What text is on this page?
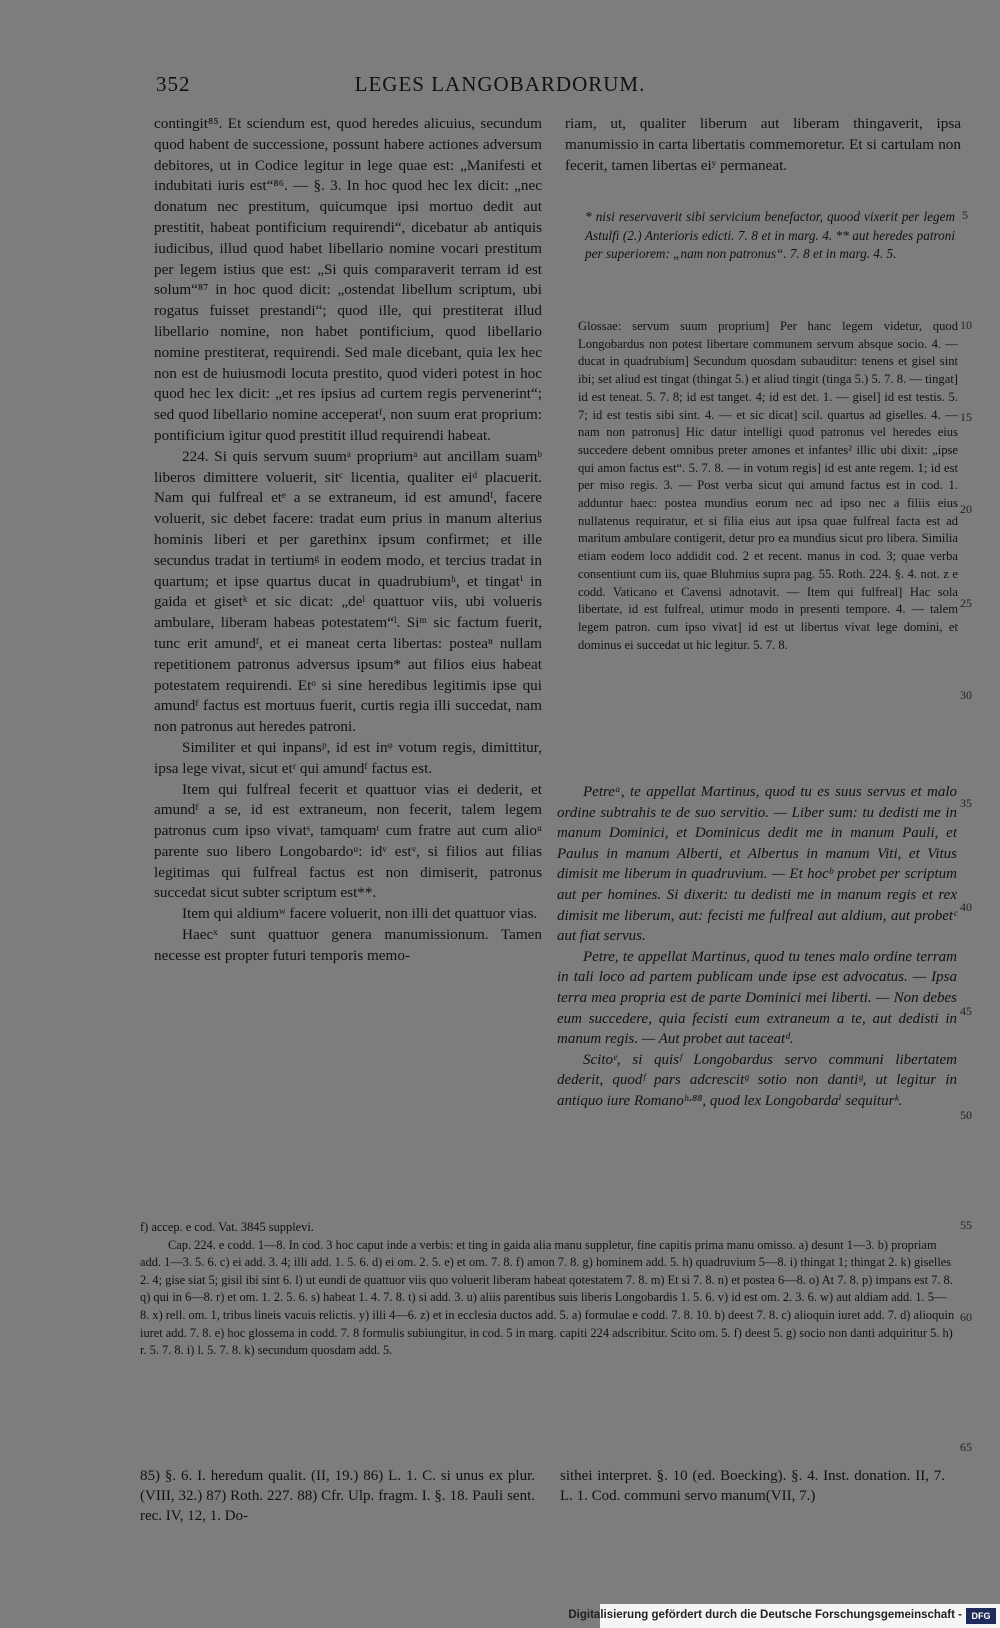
352	LEGES LANGOBARDORUM.

contingit⁸⁵. Et sciendum est, quod heredes alicuius, secundum quod habent de successione, possunt habere actiones adversum debitores, ut in Codice legitur in lege quae est: „Manifesti et indubitati iuris est“⁸⁶. — §. 3. In hoc quod hec lex dicit: „nec donatum nec prestitum, quicumque ipsi mortuo dedit aut prestitit, habeat pontificium requirendi“, dicebatur ab antiquis iudicibus, illud quod habet libellario nomine vocari prestitum per legem istius que est: „Si quis comparaverit terram id est solum“⁸⁷ in hoc quod dicit: „ostendat libellum scriptum, ubi rogatus fuisset prestandi“; quod ille, qui prestiterat illud libellario nomine, non habet pontificium, quod libellario nomine prestiterat, requirendi. Sed male dicebant, quia lex hec non est de huiusmodi locuta prestito, quod videri potest in hoc quod hec lex dicit: „et res ipsius ad curtem regis pervenerint“; sed quod libellario nomine acceperatᶠ, non suum erat proprium: pontificium igitur quod prestitit illud requirendi habeat.

224. Si quis servum suumᵃ propriumᵃ aut ancillam suamᵇ liberos dimittere voluerit, sitᶜ licentia, qualiter eiᵈ placuerit. Nam qui fulfreal etᵉ a se extraneum, id est amundᶠ, facere voluerit, sic debet facere: tradat eum prius in manum alterius hominis liberi et per garethinx ipsum confirmet; et ille secundus tradat in tertiumᵍ in eodem modo, et tercius tradat in quartum; et ipse quartus ducat in quadrubiumʰ, et tingatⁱ in gaida et gisetᵏ et sic dicat: „deˡ quattuor viis, ubi volueris ambulare, liberam habeas potestatem“ˡ. Siᵐ sic factum fuerit, tunc erit amundᶠ, et ei maneat certa libertas: posteaⁿ nullam repetitionem patronus adversus ipsum* aut filios eius habeat potestatem requirendi. Etᵒ si sine heredibus legitimis ipse qui amundᶠ factus est mortuus fuerit, curtis regia illi succedat, nam non patronus aut heredes patroni.

Similiter et qui inpansᵖ, id est inᵠ votum regis, dimittitur, ipsa lege vivat, sicut etʳ qui amundᶠ factus est.

Item qui fulfreal fecerit et quattuor vias ei dederit, et amundᶠ a se, id est extraneum, non fecerit, talem legem patronus cum ipso vivatˢ, tamquamᵗ cum fratre aut cum alioᵘ parente suo libero Longobardoᵘ: idᵛ estᵛ, si filios aut filias legitimas qui fulfreal factus est non dimiserit, patronus succedat sicut subter scriptum est**.

Item qui aldiumʷ facere voluerit, non illi det quattuor vias.

Haecˣ sunt quattuor genera manumissionum. Tamen necesse est propter futuri temporis memo-

riam, ut, qualiter liberum aut liberam thingaverit, ipsa manumissio in carta libertatis commemoretur. Et si cartulam non fecerit, tamen libertas eiʸ permaneat.

* nisi reservaverit sibi servicium benefactor, quood vixerit per legem Astulfi (2.) Anterioris edicti. 7. 8 et in marg. 4. ** aut heredes patroni per superiorem: „nam non patronus“. 7. 8 et in marg. 4. 5.
Glossae: servum suum proprium] Per hanc legem videtur, quod Longobardus non potest libertare communem servum absque socio. 4. — ducat in quadrubium] Secundum quosdam subauditur: tenens et gisel sint ibi; set aliud est tingat (thingat 5.) et aliud tingit (tinga 5.) 5. 7. 8. — tingat] id est teneat. 5. 7. 8; id est tanget. 4; id est det. 1. — gisel] id est testis. 5. 7; id est testis sibi sint. 4. — et sic dicat] scil. quartus ad giselles. 4. — nam non patronus] Hic datur intelligi quod patronus vel heredes eius succedere debent omnibus preter amones et infantes² illic ubi dixit: „ipse qui amon factus est“. 5. 7. 8. — in votum regis] id est ante regem. 1; id est per miso regis. 3. — Post verba sicut qui amund factus est in cod. 1. adduntur haec: postea mundius eorum nec ad ipso nec a filiis eius nullatenus requiratur, et si filia eius aut ipsa quae fulfreal facta est ad maritum ambulare contigerit, detur pro ea mundius sicut pro libera. Similia etiam eodem loco addidit cod. 2 et recent. manus in cod. 3; quae verba consentiunt cum iis, quae Bluhmius supra pag. 55. Roth. 224. §. 4. not. z e codd. Vaticano et Cavensi adnotavit. — Item qui fulfreal] Hac sola libertate, id est fulfreal, utimur modo in presenti tempore. 4. — talem legem patron. cum ipso vivat] id est ut libertus vivat lege domini, et dominus ei succedat ut hic legitur. 5. 7. 8.

Petreᵃ, te appellat Martinus, quod tu es suus servus et malo ordine subtrahis te de suo servitio. — Liber sum: tu dedisti me in manum Dominici, et Dominicus dedit me in manum Pauli, et Paulus in manum Alberti, et Albertus in manum Viti, et Vitus dimisit me liberum in quadruvium. — Et hocᵇ probet per scriptum aut per homines. Si dixerit: tu dedisti me in manum regis et rex dimisit me liberum, aut: fecisti me fulfreal aut aldium, aut probetᶜ aut fiat servus.

Petre, te appellat Martinus, quod tu tenes malo ordine terram in tali loco ad partem publicam unde ipse est advocatus. — Ipsa terra mea propria est de parte Dominici mei liberti. — Non debes eum succedere, quia fecisti eum extraneum a te, aut dedisti in manum regis. — Aut probet aut taceatᵈ.

Scitoᵉ, si quisᶠ Longobardus servo communi libertatem dederit, quodᶠ pars adcrescitᵍ sotio non dantiᵍ, ut legitur in antiquo iure Romanoʰ·⁸⁸, quod lex Longobardaⁱ sequiturᵏ.

5
10
15
20
25
30
35
40
45
50
55
60
65

f) accep. e cod. Vat. 3845 supplevi.

Cap. 224. e codd. 1—8. In cod. 3 hoc caput inde a verbis: et ting in gaida alia manu suppletur, fine capitis prima manu omisso. a) desunt 1—3. b) propriam add. 1—3. 5. 6. c) ei add. 3. 4; illi add. 1. 5. 6. d) ei om. 2. 5. e) et om. 7. 8. f) amon 7. 8. g) hominem add. 5. h) quadruvium 5—8. i) thingat 1; thingat 2. k) giselles 2. 4; gise siat 5; gisil ibi sint 6. l) ut eundi de quattuor viis quo voluerit liberam habeat qotestatem 7. 8. m) Et si 7. 8. n) et postea 6—8. o) At 7. 8. p) impans est 7. 8. q) qui in 6—8. r) et om. 1. 2. 5. 6. s) habeat 1. 4. 7. 8. t) si add. 3. u) aliis parentibus suis liberis Longobardis 1. 5. 6. v) id est om. 2. 3. 6. w) aut aldiam add. 1. 5—8. x) rell. om. 1, tribus lineis vacuis relictis. y) illi 4—6. z) et in ecclesia ductos add. 5. a) formulae e codd. 7. 8. 10. b) deest 7. 8. c) alioquin iuret add. 7. d) alioquin iuret add. 7. 8. e) hoc glossema in codd. 7. 8 formulis subiungitur, in cod. 5 in marg. capiti 224 adscribitur. Scito om. 5. f) deest 5. g) socio non danti adquiritur 5. h) r. 5. 7. 8. i) l. 5. 7. 8. k) secundum quosdam add. 5.

85) §. 6. I. heredum qualit. (II, 19.) 86) L. 1. C. si unus ex plur. (VIII, 32.) 87) Roth. 227. 88) Cfr. Ulp. fragm. I. §. 18. Pauli sent. rec. IV, 12, 1. Do-
sithei interpret. §. 10 (ed. Boecking). §. 4. Inst. donation. II, 7. L. 1. Cod. communi servo manum(VII, 7.)
Digitalisierung gefördert durch die Deutsche Forschungsgemeinschaft -	DFG
